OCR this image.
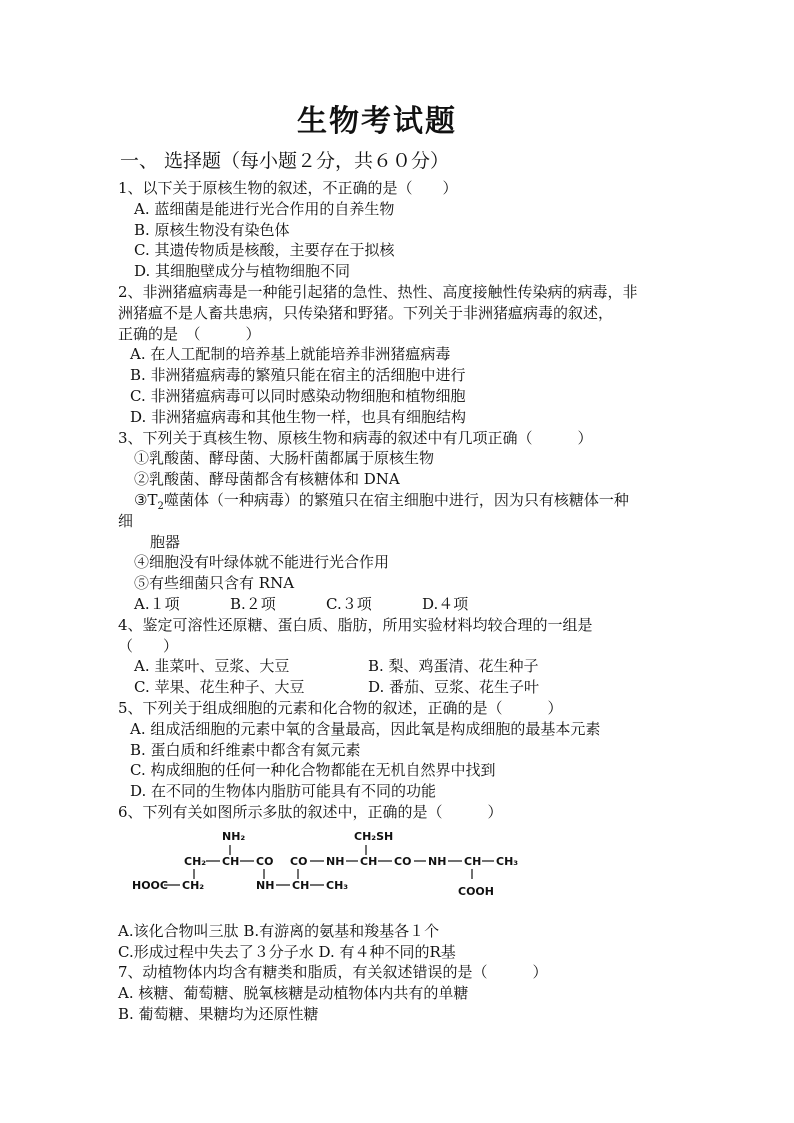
生物考试题
一、 选择题（每小题２分，共６０分）
1、以下关于原核生物的叙述，不正确的是（　　）
A. 蓝细菌是能进行光合作用的自养生物
B. 原核生物没有染色体
C. 其遗传物质是核酸，主要存在于拟核
D. 其细胞壁成分与植物细胞不同
2、非洲猪瘟病毒是一种能引起猪的急性、热性、高度接触性传染病的病毒，非
洲猪瘟不是人畜共患病，只传染猪和野猪。下列关于非洲猪瘟病毒的叙述，
正确的是　（　　　）
A. 在人工配制的培养基上就能培养非洲猪瘟病毒
B. 非洲猪瘟病毒的繁殖只能在宿主的活细胞中进行
C. 非洲猪瘟病毒可以同时感染动物细胞和植物细胞
D. 非洲猪瘟病毒和其他生物一样，也具有细胞结构
3、下列关于真核生物、原核生物和病毒的叙述中有几项正确（　　　）
①乳酸菌、酵母菌、大肠杆菌都属于原核生物
②乳酸菌、酵母菌都含有核糖体和 DNA
$③T_2$噬菌体（一种病毒）的繁殖只在宿主细胞中进行，因为只有核糖体一种
细
胞器
④细胞没有叶绿体就不能进行光合作用
⑤有些细菌只含有 RNA
A.１项	B.２项	C.３项	D.４项
4、鉴定可溶性还原糖、蛋白质、脂肪，所用实验材料均较合理的一组是
（　　）
A. 韭菜叶、豆浆、大豆	B. 梨、鸡蛋清、花生种子
C. 苹果、花生种子、大豆	D. 番茄、豆浆、花生子叶
5、下列关于组成细胞的元素和化合物的叙述，正确的是（　　　）
A. 组成活细胞的元素中氧的含量最高，因此氧是构成细胞的最基本元素
B. 蛋白质和纤维素中都含有氮元素
C. 构成细胞的任何一种化合物都能在无机自然界中找到
D. 在不同的生物体内脂肪可能具有不同的功能
6、下列有关如图所示多肽的叙述中，正确的是（　　　）
NH₂	CH₂SH
CH₂ CH CO CO NH CH CO NH CH CH₃
HOOC CH₂	NH CH CH₃	COOH
A.该化合物叫三肽 B.有游离的氨基和羧基各１个
C.形成过程中失去了３分子水 D. 有４种不同的R基
7、动植物体内均含有糖类和脂质，有关叙述错误的是（　　　）
A. 核糖、葡萄糖、脱氧核糖是动植物体内共有的单糖
B. 葡萄糖、果糖均为还原性糖
